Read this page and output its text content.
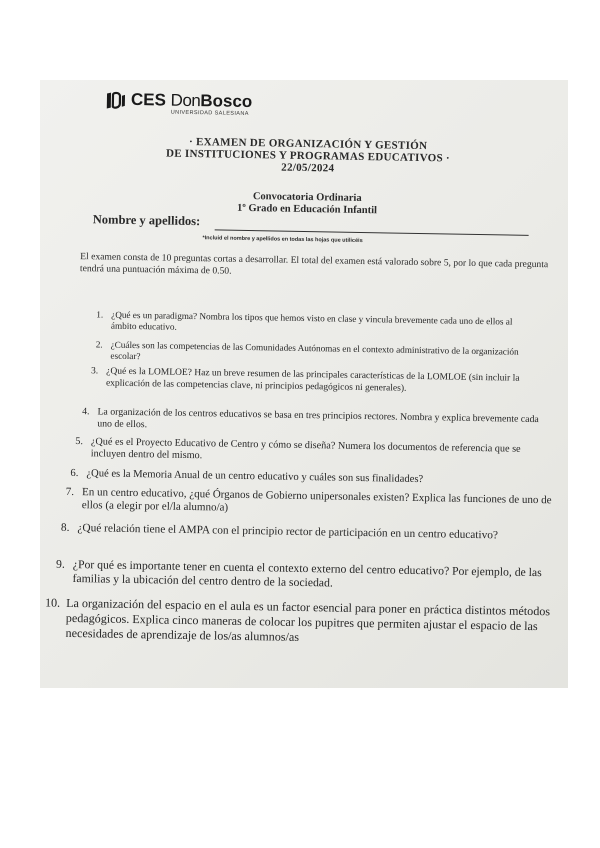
CES DonBosco
UNIVERSIDAD SALESIANA
· EXAMEN DE ORGANIZACIÓN Y GESTIÓN
DE INSTITUCIONES Y PROGRAMAS EDUCATIVOS ·
22/05/2024
Convocatoria Ordinaria
1º Grado en Educación Infantil
Nombre y apellidos:
*Incluid el nombre y apellidos en todas las hojas que utilicéis
El examen consta de 10 preguntas cortas a desarrollar. El total del examen está valorado sobre 5, por lo que cada pregunta tendrá una puntuación máxima de 0.50.
1. ¿Qué es un paradigma? Nombra los tipos que hemos visto en clase y vincula brevemente cada uno de ellos al ámbito educativo.
2. ¿Cuáles son las competencias de las Comunidades Autónomas en el contexto administrativo de la organización escolar?
3. ¿Qué es la LOMLOE? Haz un breve resumen de las principales características de la LOMLOE (sin incluir la explicación de las competencias clave, ni principios pedagógicos ni generales).
4. La organización de los centros educativos se basa en tres principios rectores. Nombra y explica brevemente cada uno de ellos.
5. ¿Qué es el Proyecto Educativo de Centro y cómo se diseña? Numera los documentos de referencia que se incluyen dentro del mismo.
6. ¿Qué es la Memoria Anual de un centro educativo y cuáles son sus finalidades?
7. En un centro educativo, ¿qué Órganos de Gobierno unipersonales existen? Explica las funciones de uno de ellos (a elegir por el/la alumno/a)
8. ¿Qué relación tiene el AMPA con el principio rector de participación en un centro educativo?
9. ¿Por qué es importante tener en cuenta el contexto externo del centro educativo? Por ejemplo, de las familias y la ubicación del centro dentro de la sociedad.
10. La organización del espacio en el aula es un factor esencial para poner en práctica distintos métodos pedagógicos. Explica cinco maneras de colocar los pupitres que permiten ajustar el espacio de las necesidades de aprendizaje de los/as alumnos/as
